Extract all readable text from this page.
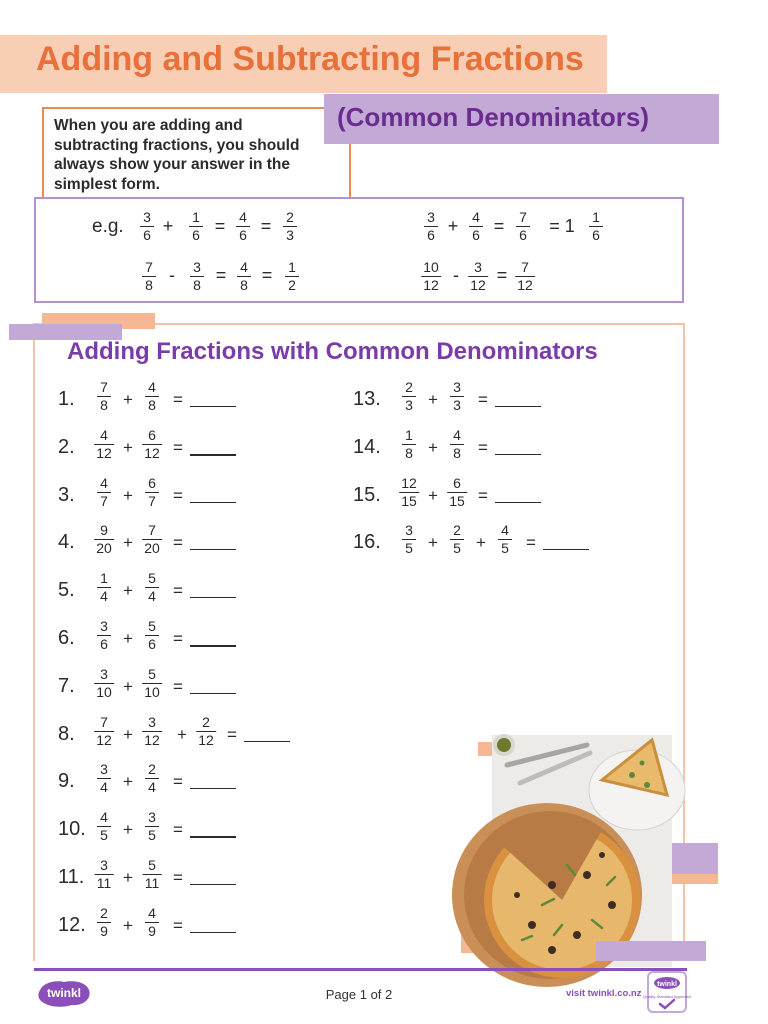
Adding and Subtracting Fractions
When you are adding and subtracting fractions, you should always show your answer in the simplest form.
(Common Denominators)
e.g. 3
6 + 1
6 = 4
6 = 2
3
7
8 - 3
8 = 4
8 = 1
2
3
6 + 4
6 = 7
6 = 1 1
6
10
12 - 3
12 = 7
12
Adding Fractions with Common Denominators
1.
7
8 +
4
8 =
2.
4
12 +
6
12 =
3.
4
7 +
6
7 =
4.
9
20 +
7
20 =
5.
1
4 +
5
4 =
6.
3
6 +
5
6 =
7.
3
10 +
5
10 =
8.
7
12 +
3
12 +
2
12 =
9.
3
4 +
2
4 =
10.
4
5 +
3
5 =
11.
3
11 +
5
11 =
12.
2
9 +
4
9 =
13.
2
3 +
3
3 =
14.
1
8 +
4
8 =
15.
12
15 +
6
15 =
16.
3
5 +
2
5 +
4
5 =
twinkl	Page 1 of 2	visit twinkl.co.nz
twinkl
Quality Standard Approved
